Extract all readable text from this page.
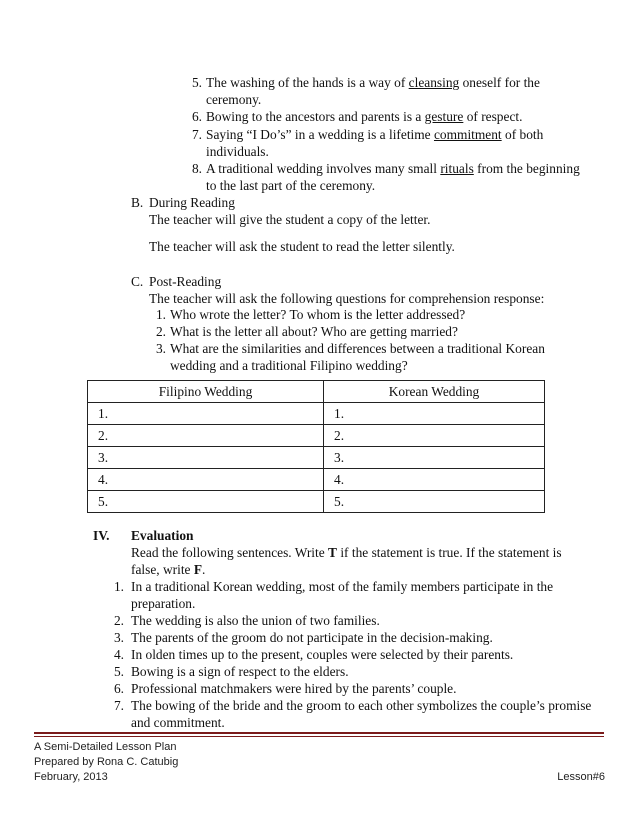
5. The washing of the hands is a way of cleansing oneself for the
ceremony.
6. Bowing to the ancestors and parents is a gesture of respect.
7. Saying “I Do’s” in a wedding is a lifetime commitment of both
individuals.
8. A traditional wedding involves many small rituals from the beginning
to the last part of the ceremony.
B. During Reading
The teacher will give the student a copy of the letter.
The teacher will ask the student to read the letter silently.
C. Post-Reading
The teacher will ask the following questions for comprehension response:
1. Who wrote the letter? To whom is the letter addressed?
2. What is the letter all about? Who are getting married?
3. What are the similarities and differences between a traditional Korean
wedding and a traditional Filipino wedding?
Filipino Wedding	Korean Wedding
1.	1.
2.	2.
3.	3.
4.	4.
5.	5.
IV. Evaluation
Read the following sentences. Write T if the statement is true. If the statement is
false, write F.
1. In a traditional Korean wedding, most of the family members participate in the
preparation.
2. The wedding is also the union of two families.
3. The parents of the groom do not participate in the decision-making.
4. In olden times up to the present, couples were selected by their parents.
5. Bowing is a sign of respect to the elders.
6. Professional matchmakers were hired by the parents’ couple.
7. The bowing of the bride and the groom to each other symbolizes the couple’s promise
and commitment.
A Semi-Detailed Lesson Plan
Prepared by Rona C. Catubig
February, 2013	Lesson#6
